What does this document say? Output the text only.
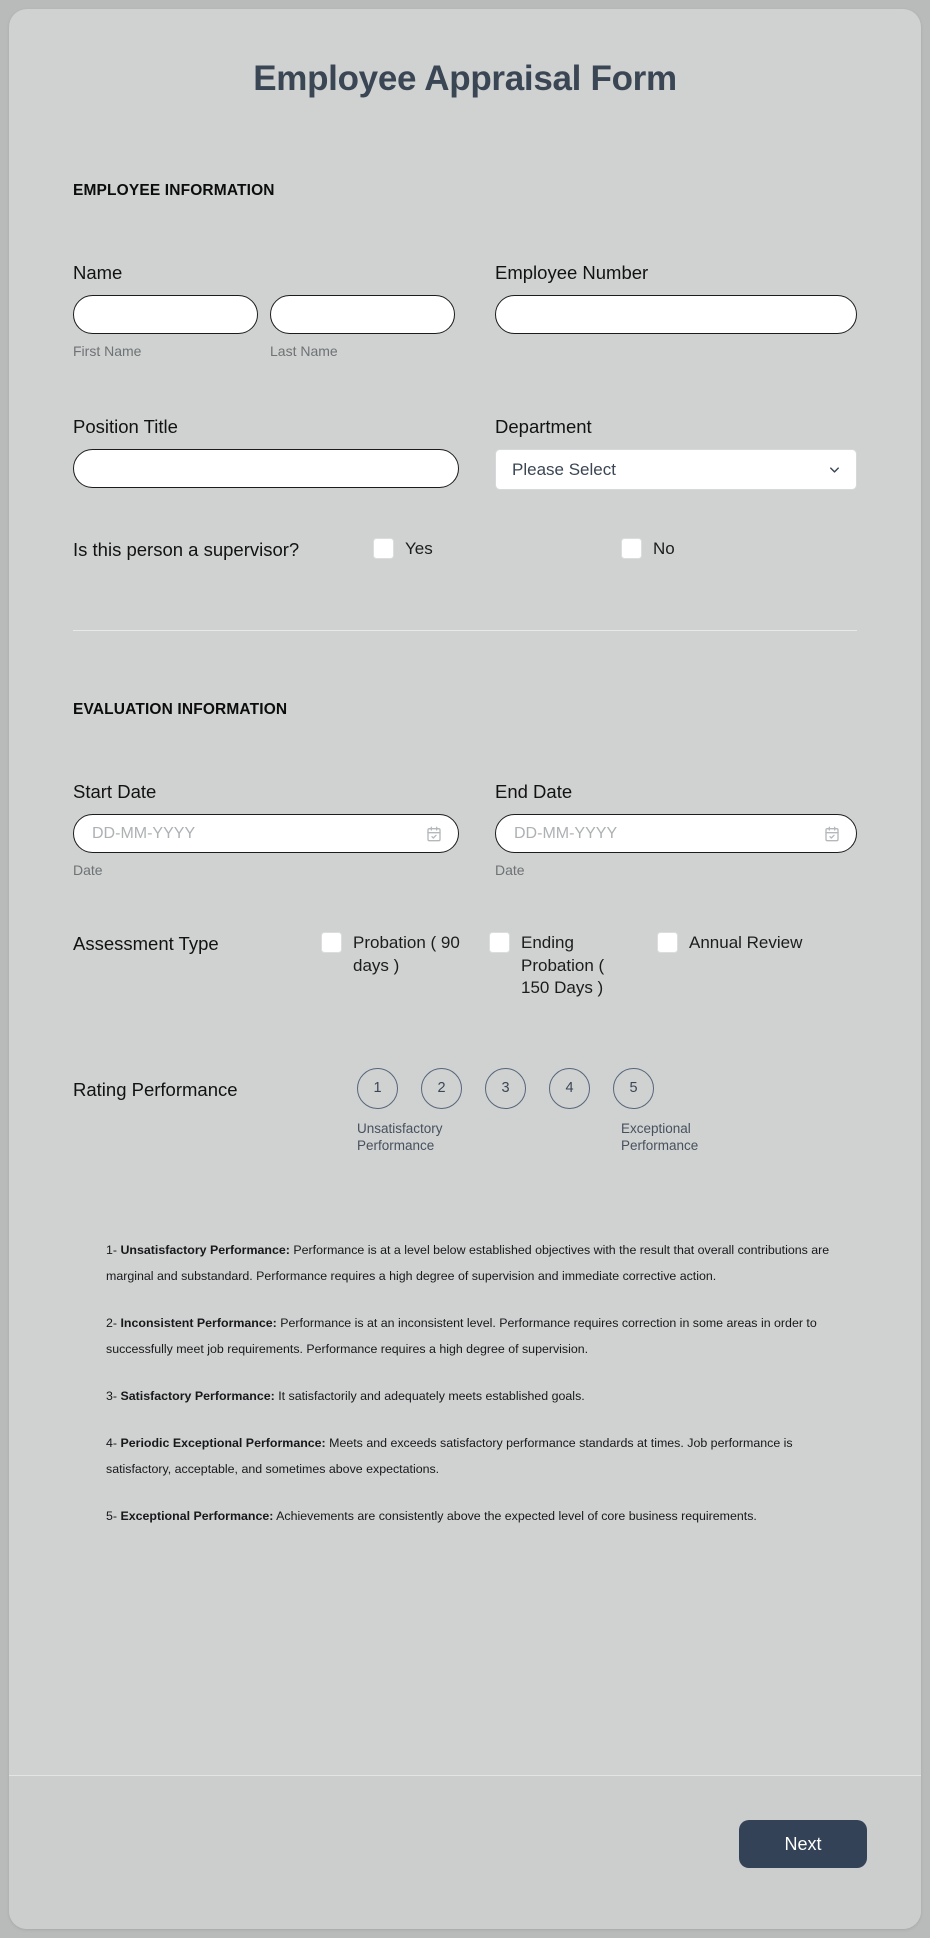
Employee Appraisal Form
EMPLOYEE INFORMATION
Name
First Name	Last Name
Employee Number
Position Title	Department
Please Select
Is this person a supervisor?	Yes	No
EVALUATION INFORMATION
Start Date
DD-MM-YYYY
Date
End Date
DD-MM-YYYY
Date
Assessment Type	Probation ( 90 days )
Ending Probation ( 150 Days )
Annual Review
Rating Performance	1	2	3	4	5
Unsatisfactory Performance
Exceptional Performance

1- Unsatisfactory Performance: Performance is at a level below established objectives with the result that overall contributions are marginal and substandard. Performance requires a high degree of supervision and immediate corrective action.

2- Inconsistent Performance: Performance is at an inconsistent level. Performance requires correction in some areas in order to successfully meet job requirements. Performance requires a high degree of supervision.

3- Satisfactory Performance: It satisfactorily and adequately meets established goals.

4- Periodic Exceptional Performance: Meets and exceeds satisfactory performance standards at times. Job performance is satisfactory, acceptable, and sometimes above expectations.

5- Exceptional Performance: Achievements are consistently above the expected level of core business requirements.

Next
